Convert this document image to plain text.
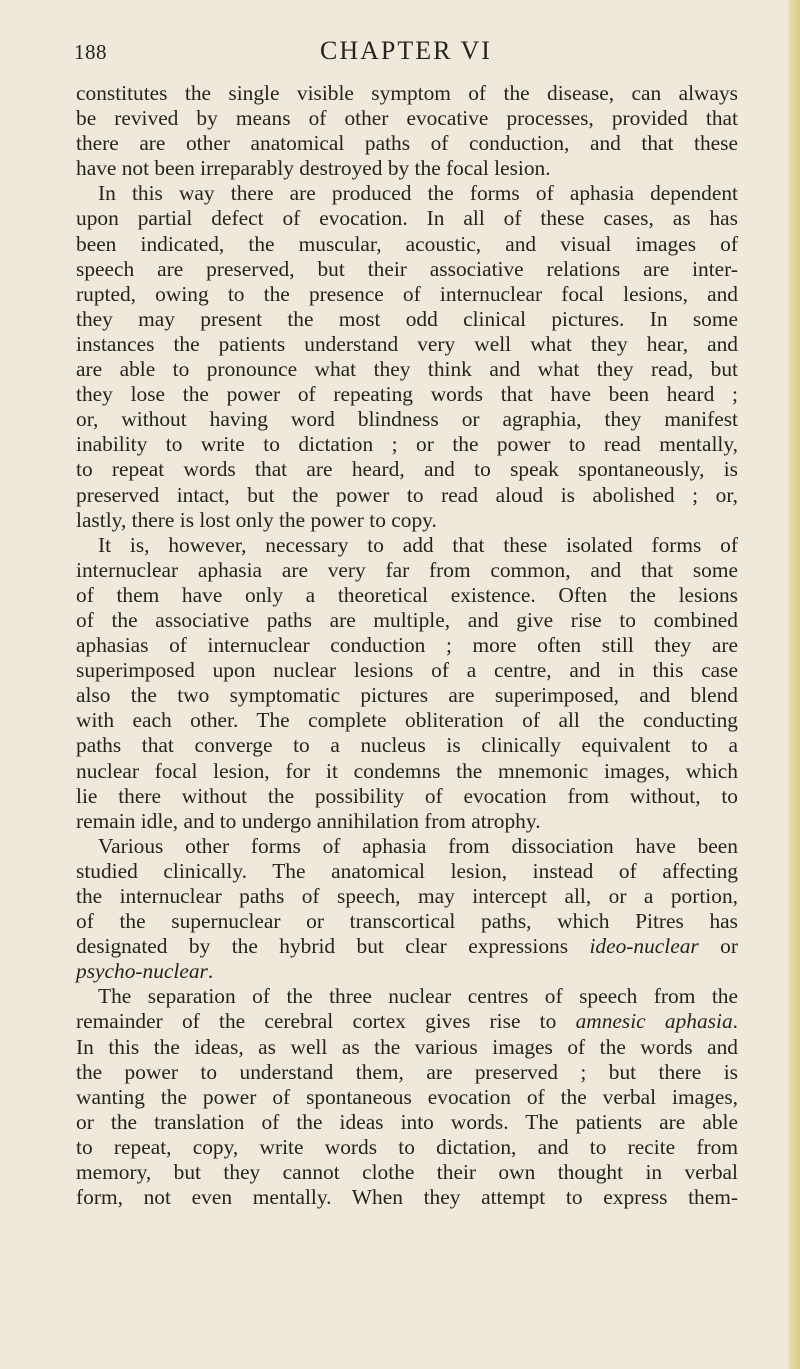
188	CHAPTER VI
constitutes the single visible symptom of the disease, can always
be revived by means of other evocative processes, provided that
there are other anatomical paths of conduction, and that these
have not been irreparably destroyed by the focal lesion.
In this way there are produced the forms of aphasia dependent
upon partial defect of evocation. In all of these cases, as has
been indicated, the muscular, acoustic, and visual images of
speech are preserved, but their associative relations are inter-
rupted, owing to the presence of internuclear focal lesions, and
they may present the most odd clinical pictures. In some
instances the patients understand very well what they hear, and
are able to pronounce what they think and what they read, but
they lose the power of repeating words that have been heard ;
or, without having word blindness or agraphia, they manifest
inability to write to dictation ; or the power to read mentally,
to repeat words that are heard, and to speak spontaneously, is
preserved intact, but the power to read aloud is abolished ; or,
lastly, there is lost only the power to copy.
It is, however, necessary to add that these isolated forms of
internuclear aphasia are very far from common, and that some
of them have only a theoretical existence. Often the lesions
of the associative paths are multiple, and give rise to combined
aphasias of internuclear conduction ; more often still they are
superimposed upon nuclear lesions of a centre, and in this case
also the two symptomatic pictures are superimposed, and blend
with each other. The complete obliteration of all the conducting
paths that converge to a nucleus is clinically equivalent to a
nuclear focal lesion, for it condemns the mnemonic images, which
lie there without the possibility of evocation from without, to
remain idle, and to undergo annihilation from atrophy.
Various other forms of aphasia from dissociation have been
studied clinically. The anatomical lesion, instead of affecting
the internuclear paths of speech, may intercept all, or a portion,
of the supernuclear or transcortical paths, which Pitres has
designated by the hybrid but clear expressions ideo-nuclear or
psycho-nuclear.
The separation of the three nuclear centres of speech from the
remainder of the cerebral cortex gives rise to amnesic aphasia.
In this the ideas, as well as the various images of the words and
the power to understand them, are preserved ; but there is
wanting the power of spontaneous evocation of the verbal images,
or the translation of the ideas into words. The patients are able
to repeat, copy, write words to dictation, and to recite from
memory, but they cannot clothe their own thought in verbal
form, not even mentally. When they attempt to express them-
